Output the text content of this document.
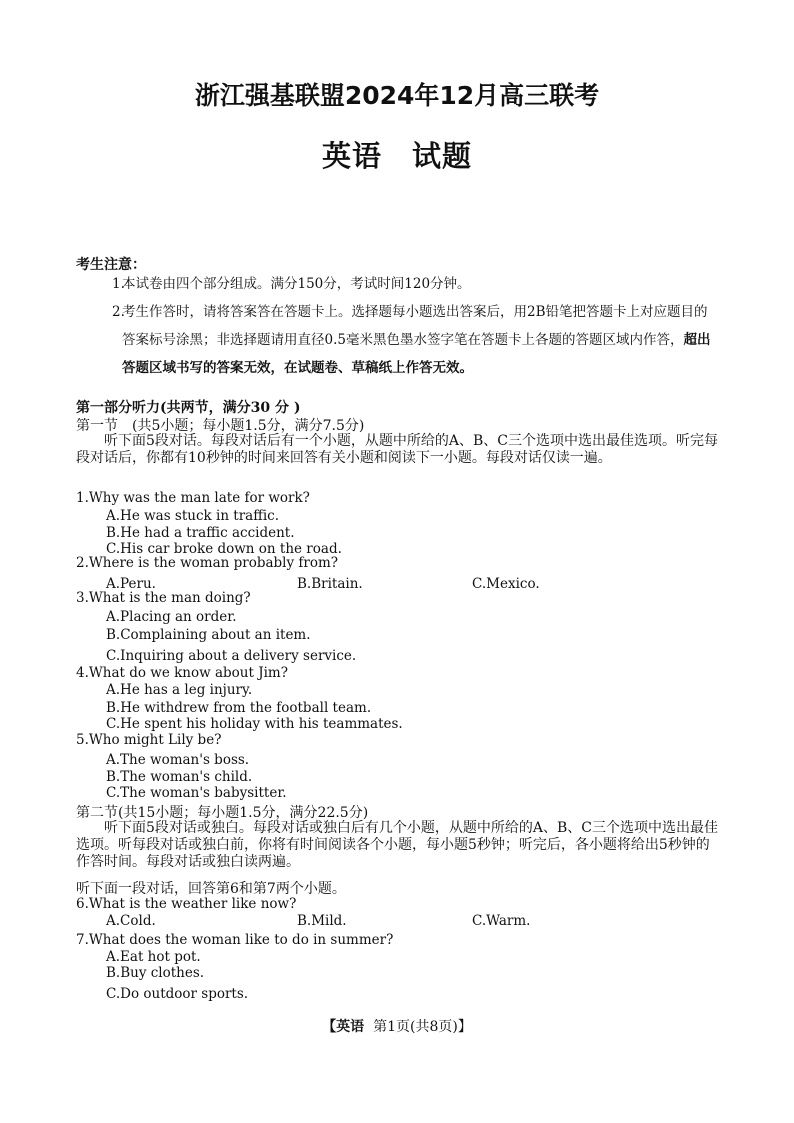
浙江强基联盟2024年12月高三联考
英语　试题
考生注意：
1.
本试卷由四个部分组成。满分150分，考试时间120分钟。
2.
考生作答时，请将答案答在答题卡上。选择题每小题选出答案后，用2B铅笔把答题卡上对应题目的答案标号涂黑；非选择题请用直径0.5毫米黑色墨水签字笔在答题卡上各题的答题区域内作答，超出答题区域书写的答案无效，在试题卷、草稿纸上作答无效。
第一部分听力(共两节，满分30 分 )
第一节　(共5小题；每小题1.5分，满分7.5分)
听下面5段对话。每段对话后有一个小题，从题中所给的A、B、C三个选项中选出最佳选项。听完每段对话后，你都有10秒钟的时间来回答有关小题和阅读下一小题。每段对话仅读一遍。
1.Why was the man late for work?
A.He was stuck in traffic.
B.He had a traffic accident.
C.His car broke down on the road.
2.Where is the woman probably from?
A.Peru.	B.Britain.	C.Mexico.
3.What is the man doing?
A.Placing an order.
B.Complaining about an item.
C.Inquiring about a delivery service.
4.What do we know about Jim?
A.He has a leg injury.
B.He withdrew from the football team.
C.He spent his holiday with his teammates.
5.Who might Lily be?
A.The woman's boss.
B.The woman's child.
C.The woman's babysitter.
第二节(共15小题；每小题1.5分，满分22.5分)
听下面5段对话或独白。每段对话或独白后有几个小题，从题中所给的A、B、C三个选项中选出最佳选项。听每段对话或独白前，你将有时间阅读各个小题，每小题5秒钟；听完后，各小题将给出5秒钟的作答时间。每段对话或独白读两遍。
听下面一段对话，回答第6和第7两个小题。
6.What is the weather like now?
A.Cold.	B.Mild.	C.Warm.
7.What does the woman like to do in summer?
A.Eat hot pot.
B.Buy clothes.
C.Do outdoor sports.
【英语 第1页(共8页)】
